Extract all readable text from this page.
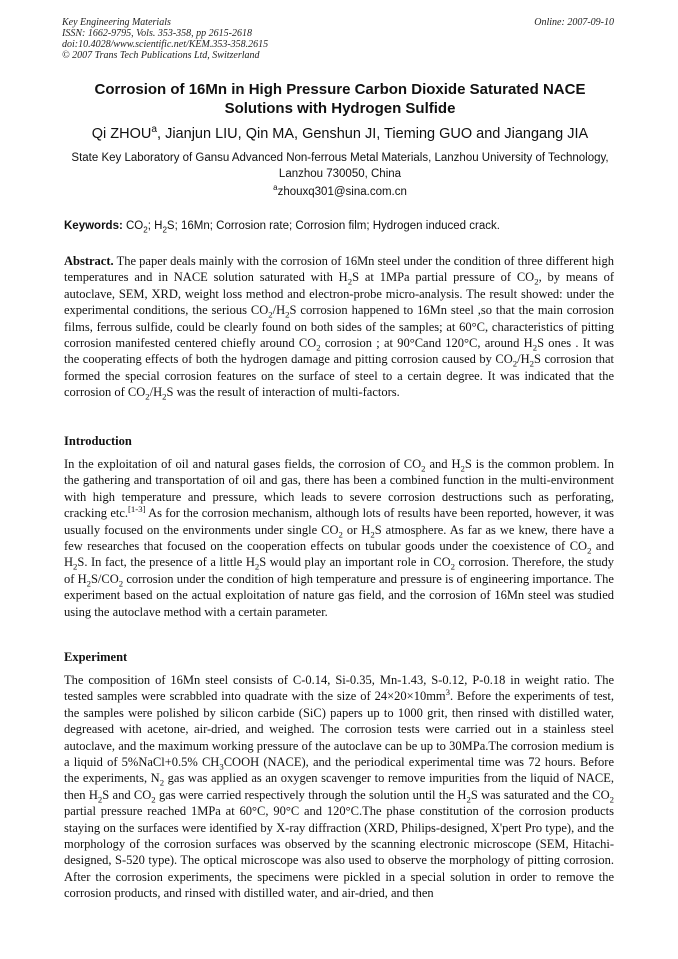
Key Engineering Materials
ISSN: 1662-9795, Vols. 353-358, pp 2615-2618
doi:10.4028/www.scientific.net/KEM.353-358.2615
© 2007 Trans Tech Publications Ltd, Switzerland
Online: 2007-09-10
Corrosion of 16Mn in High Pressure Carbon Dioxide Saturated NACE Solutions with Hydrogen Sulfide
Qi ZHOU$^a$, Jianjun LIU, Qin MA, Genshun JI, Tieming GUO and Jiangang JIA
State Key Laboratory of Gansu Advanced Non-ferrous Metal Materials, Lanzhou University of Technology, Lanzhou 730050, China
$^a$zhouxq301@sina.com.cn
Keywords: $CO_2$; $H_2S$; 16Mn; Corrosion rate; Corrosion film; Hydrogen induced crack.
Abstract. The paper deals mainly with the corrosion of 16Mn steel under the condition of three different high temperatures and in NACE solution saturated with $H_2S$ at 1MPa partial pressure of $CO_2$, by means of autoclave, SEM, XRD, weight loss method and electron-probe micro-analysis. The result showed: under the experimental conditions, the serious $CO_2/H_2S$ corrosion happened to 16Mn steel ,so that the main corrosion films, ferrous sulfide, could be clearly found on both sides of the samples; at 60°C, characteristics of pitting corrosion manifested centered chiefly around $CO_2$ corrosion ; at 90°Cand 120°C, around $H_2S$ ones . It was the cooperating effects of both the hydrogen damage and pitting corrosion caused by $CO_2/H_2S$ corrosion that formed the special corrosion features on the surface of steel to a certain degree. It was indicated that the corrosion of $CO_2/H_2S$ was the result of interaction of multi-factors.
Introduction
In the exploitation of oil and natural gases fields, the corrosion of $CO_2$ and $H_2S$ is the common problem. In the gathering and transportation of oil and gas, there has been a combined function in the multi-environment with high temperature and pressure, which leads to severe corrosion destructions such as perforating, cracking etc.[1-3] As for the corrosion mechanism, although lots of results have been reported, however, it was usually focused on the environments under single $CO_2$ or $H_2S$ atmosphere. As far as we knew, there have a few researches that focused on the cooperation effects on tubular goods under the coexistence of $CO_2$ and $H_2S$. In fact, the presence of a little $H_2S$ would play an important role in $CO_2$ corrosion. Therefore, the study of $H_2S/CO_2$ corrosion under the condition of high temperature and pressure is of engineering importance. The experiment based on the actual exploitation of nature gas field, and the corrosion of 16Mn steel was studied using the autoclave method with a certain parameter.
Experiment
The composition of 16Mn steel consists of C-0.14, Si-0.35, Mn-1.43, S-0.12, P-0.18 in weight ratio. The tested samples were scrabbled into quadrate with the size of $24\times 20\times 10mm^3$. Before the experiments of test, the samples were polished by silicon carbide (SiC) papers up to 1000 grit, then rinsed with distilled water, degreased with acetone, air-dried, and weighed. The corrosion tests were carried out in a stainless steel autoclave, and the maximum working pressure of the autoclave can be up to 30MPa.The corrosion medium is a liquid of 5%NaCl+0.5% $CH_3COOH$ (NACE), and the periodical experimental time was 72 hours. Before the experiments, $N_2$ gas was applied as an oxygen scavenger to remove impurities from the liquid of NACE, then $H_2S$ and $CO_2$ gas were carried respectively through the solution until the $H_2S$ was saturated and the $CO_2$ partial pressure reached 1MPa at 60°C, 90°C and 120°C.The phase constitution of the corrosion products staying on the surfaces were identified by X-ray diffraction (XRD, Philips-designed, X'pert Pro type), and the morphology of the corrosion surfaces was observed by the scanning electronic microscope (SEM, Hitachi-designed, S-520 type). The optical microscope was also used to observe the morphology of pitting corrosion. After the corrosion experiments, the specimens were pickled in a special solution in order to remove the corrosion products, and rinsed with distilled water, and air-dried, and then
